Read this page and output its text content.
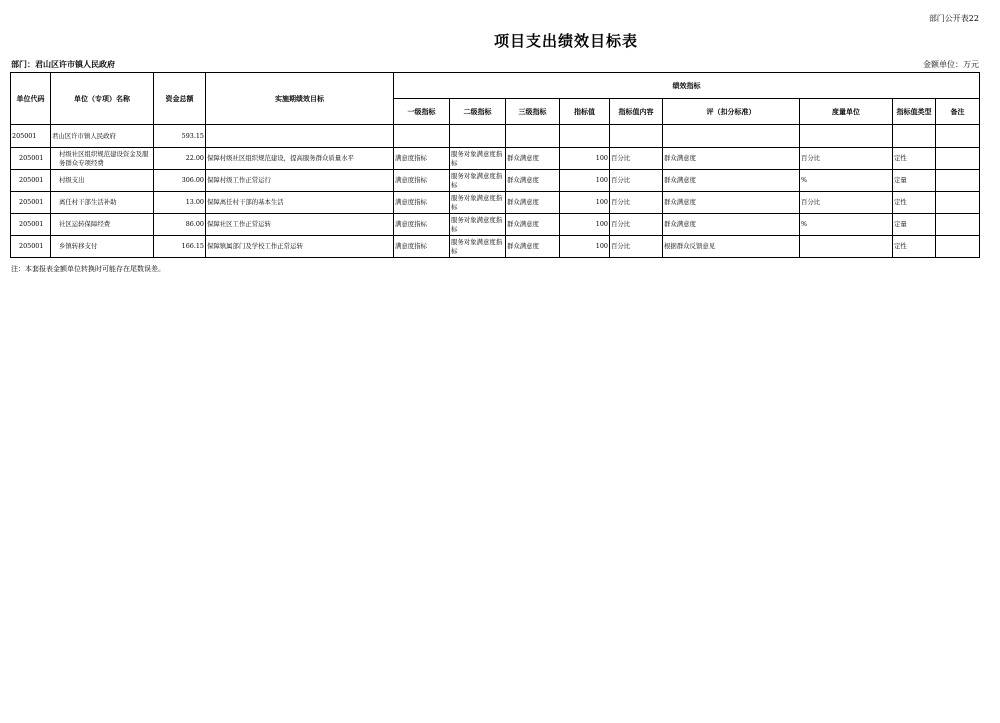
部门公开表22
项目支出绩效目标表
部门：君山区许市镇人民政府	金额单位：万元
单位代码	单位（专项）名称	资金总额	实施期绩效目标	绩效指标								
				一级指标	二级指标	三级指标	指标值	指标值内容	评（扣分标准）	度量单位	指标值类型	备注
205001	君山区许市镇人民政府	593.15										
205001	村级社区组织规范建设资金及服务群众专项经费	22.00	保障村级社区组织规范建设，提高服务群众质量水平	满意度指标	服务对象满意度指标	群众满意度	100	百分比	群众满意度	百分比	定性	
205001	村级支出	306.00	保障村级工作正常运行	满意度指标	服务对象满意度指标	群众满意度	100	百分比	群众满意度	%	定量	
205001	离任村干部生活补助	13.00	保障离任村干部的基本生活	满意度指标	服务对象满意度指标	群众满意度	100	百分比	群众满意度	百分比	定性	
205001	社区运转保障经费	86.00	保障社区工作正常运转	满意度指标	服务对象满意度指标	群众满意度	100	百分比	群众满意度	%	定量	
205001	乡镇转移支付	166.15	保障镇属部门及学校工作正常运转	满意度指标	服务对象满意度指标	群众满意度	100	百分比	根据群众反馈意见		定性	
注：本套报表金额单位转换时可能存在尾数误差。
